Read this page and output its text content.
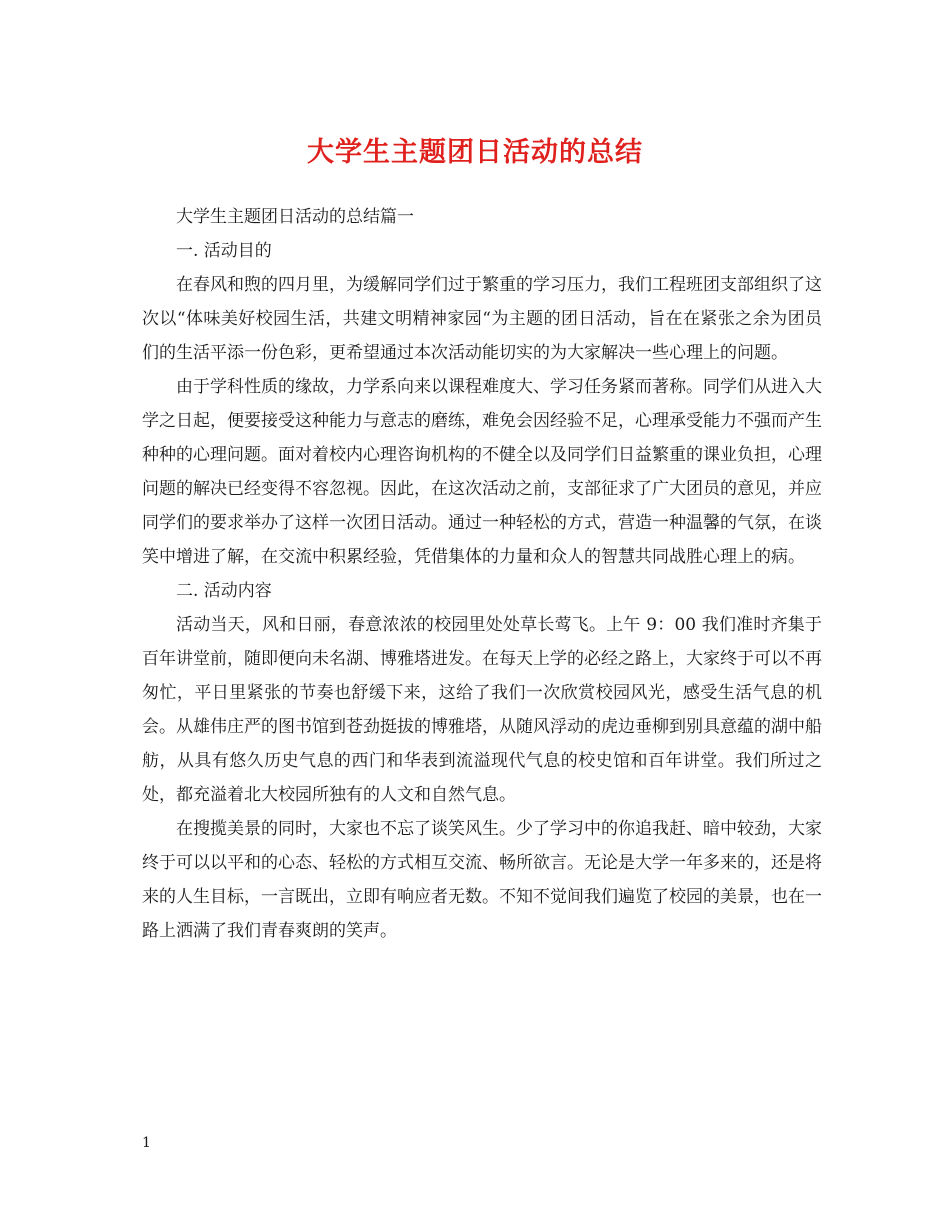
大学生主题团日活动的总结

大学生主题团日活动的总结篇一

一. 活动目的

在春风和煦的四月里，为缓解同学们过于繁重的学习压力，我们工程班团支部组织了这次以“体味美好校园生活，共建文明精神家园“为主题的团日活动，旨在在紧张之余为团员们的生活平添一份色彩，更希望通过本次活动能切实的为大家解决一些心理上的问题。

由于学科性质的缘故，力学系向来以课程难度大、学习任务紧而著称。同学们从进入大学之日起，便要接受这种能力与意志的磨练，难免会因经验不足，心理承受能力不强而产生种种的心理问题。面对着校内心理咨询机构的不健全以及同学们日益繁重的课业负担，心理问题的解决已经变得不容忽视。因此，在这次活动之前，支部征求了广大团员的意见，并应同学们的要求举办了这样一次团日活动。通过一种轻松的方式，营造一种温馨的气氛，在谈笑中增进了解，在交流中积累经验，凭借集体的力量和众人的智慧共同战胜心理上的病。

二. 活动内容

活动当天，风和日丽，春意浓浓的校园里处处草长莺飞。上午 9：00 我们准时齐集于百年讲堂前，随即便向未名湖、博雅塔进发。在每天上学的必经之路上，大家终于可以不再匆忙，平日里紧张的节奏也舒缓下来，这给了我们一次欣赏校园风光，感受生活气息的机会。从雄伟庄严的图书馆到苍劲挺拔的博雅塔，从随风浮动的虎边垂柳到别具意蕴的湖中船舫，从具有悠久历史气息的西门和华表到流溢现代气息的校史馆和百年讲堂。我们所过之处，都充溢着北大校园所独有的人文和自然气息。

在搜揽美景的同时，大家也不忘了谈笑风生。少了学习中的你追我赶、暗中较劲，大家终于可以以平和的心态、轻松的方式相互交流、畅所欲言。无论是大学一年多来的，还是将来的人生目标，一言既出，立即有响应者无数。不知不觉间我们遍览了校园的美景，也在一路上洒满了我们青春爽朗的笑声。

1
